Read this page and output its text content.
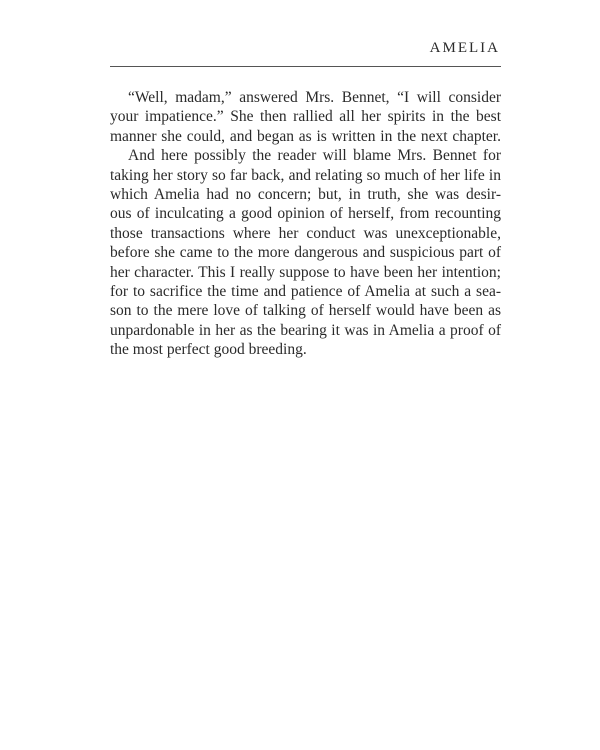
AMELIA
“Well, madam,” answered Mrs. Bennet, “I will consider
your impatience.” She then rallied all her spirits in the best
manner she could, and began as is written in the next chapter.
And here possibly the reader will blame Mrs. Bennet for
taking her story so far back, and relating so much of her life in
which Amelia had no concern; but, in truth, she was desir-
ous of inculcating a good opinion of herself, from recounting
those transactions where her conduct was unexceptionable,
before she came to the more dangerous and suspicious part of
her character. This I really suppose to have been her intention;
for to sacrifice the time and patience of Amelia at such a sea-
son to the mere love of talking of herself would have been as
unpardonable in her as the bearing it was in Amelia a proof of
the most perfect good breeding.
